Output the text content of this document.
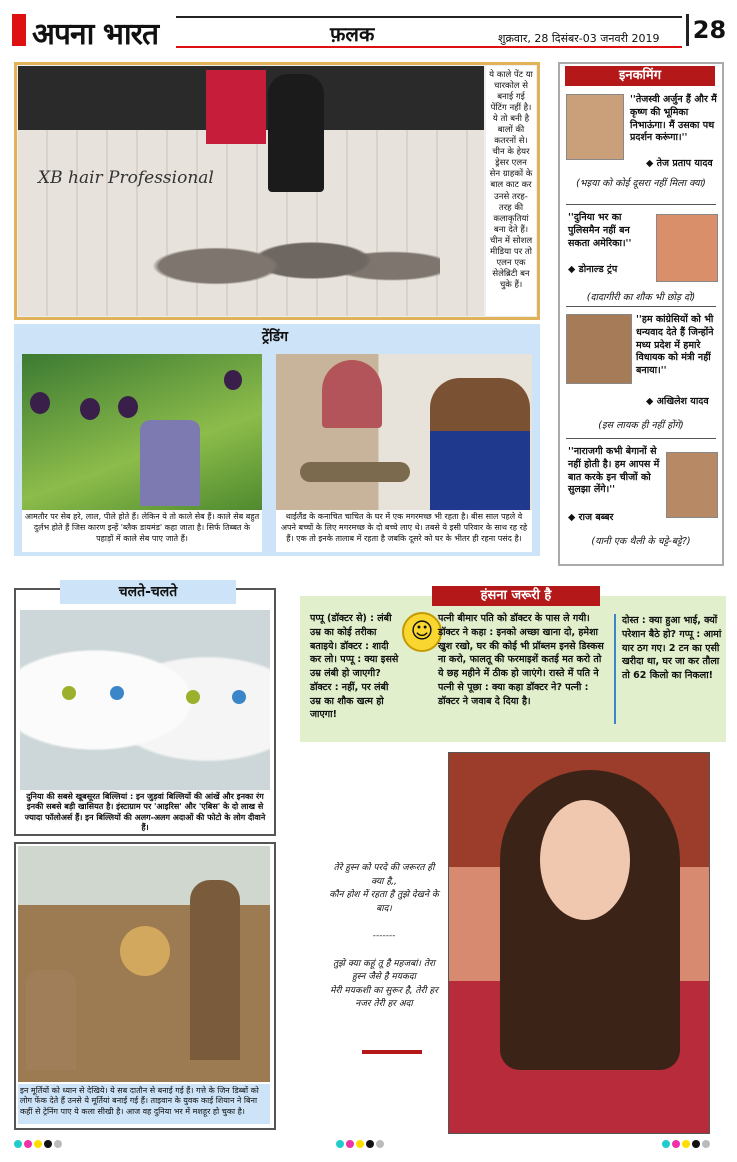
अपना भारत	फ़लक	शुक्रवार, 28 दिसंबर-03 जनवरी 2019 28
XB hair Professional
ये काले पेंट या चारकोल से बनाई गई पेंटिंग नहीं है। ये तो बनी है बालों की कतरनों से। चीन के हेयर ड्रेसर एलन सेन ग्राहकों के बाल काट कर उनसे तरह-तरह की कलाकृतियां बना देते हैं। चीन में सोशल मीडिया पर तो एलन एक सेलेब्रिटी बन चुके हैं।
ट्रेंडिंग
आमतौर पर सेब हरे, लाल, पीले होते हैं। लेकिन ये तो काले सेब हैं। काले सेब बहुत दुर्लभ होते हैं जिस कारण इन्हें 'ब्लैक डायमंड' कहा जाता है। सिर्फ तिब्बत के पहाड़ों में काले सेब पाए जाते हैं।
थाईलैंड के कनाचित चाचित के घर में एक मगरमच्छ भी रहता है। बीस साल पहले वे अपने बच्चों के लिए मगरमच्छ के दो बच्चे लाए थे। तबसे ये इसी परिवार के साथ रह रहे हैं। एक तो इनके तालाब में रहता है जबकि दूसरे को घर के भीतर ही रहना पसंद है।
इनकमिंग
''तेजस्वी अर्जुन हैं और मैं कृष्ण की भूमिका निभाऊंगा। मैं उसका पथ प्रदर्शन करूंगा।''
◆ तेज प्रताप यादव
(भइया को कोई दूसरा नहीं मिला क्या)
''दुनिया भर का पुलिसमैन नहीं बन सकता अमेरिका।''
◆ डोनाल्ड ट्रंप
(दादागीरी का शौक भी छोड़ दो)
''हम कांग्रेसियों को भी धन्यवाद देते हैं जिन्होंने मध्य प्रदेश में हमारे विधायक को मंत्री नहीं बनाया।''
◆ अखिलेश यादव
(इस लायक ही नहीं होंगे)
''नाराजगी कभी बेगानों से नहीं होती है। हम आपस में बात करके इन चीजों को सुलझा लेंगे।''
◆ राज बब्बर
(यानी एक थैली के चट्टे-बट्टे?)
चलते-चलते
दुनिया की सबसे खूबसूरत बिल्लियां : इन जुड़वां बिल्लियों की आंखें और इनका रंग इनकी सबसे बड़ी खासियत है। इंस्टाग्राम पर 'आइरिस' और 'एबिस' के दो लाख से ज्यादा फॉलोअर्स हैं। इन बिल्लियों की अलग-अलग अदाओं की फोटो के लोग दीवाने हैं।
इन मूर्तियों को ध्यान से देखिये। ये सब दातौन से बनाई गई हैं। गत्ते के जिन डिब्बों को लोग फेंक देते हैं उनसे ये मूर्तियां बनाई गई हैं। ताइवान के युवक काई शियान ने बिना कहीं से ट्रेनिंग पाए ये कला सीखी है। आज वह दुनिया भर में मशहूर हो चुका है।
हंसना जरूरी है
☺
पप्पू (डॉक्टर से) : लंबी उम्र का कोई तरीका बताइये। डॉक्टर : शादी कर लो। पप्पू : क्या इससे उम्र लंबी हो जाएगी? डॉक्टर : नहीं, पर लंबी उम्र का शौक खत्म हो जाएगा!
पत्नी बीमार पति को डॉक्टर के पास ले गयी। डॉक्टर ने कहा : इनको अच्छा खाना दो, हमेशा खुश रखो, घर की कोई भी प्रॉब्लम इनसे डिस्कस ना करो, फालतू की फरमाइशें कतई मत करो तो ये छह महीने में ठीक हो जाएंगे। रास्ते में पति ने पत्नी से पूछा : क्या कहा डॉक्टर ने? पत्नी : डॉक्टर ने जवाब दे दिया है।
दोस्त : क्या हुआ भाई, क्यों परेशान बैठे हो? गप्पू : आमां यार ठग गए। 2 टन का एसी खरीदा था, घर जा कर तौला तो 62 किलो का निकला!
तेरे हुस्न को परदे की जरूरत ही क्या है,,
कौन होश में रहता है तुझे देखने के बाद।
-------
तुझे क्या कहूं तू है महजबां। तेरा हुस्न जैसे है मयकदा
मेरी मयकशी का सुरूर है, तेरी हर नजर तेरी हर अदा
